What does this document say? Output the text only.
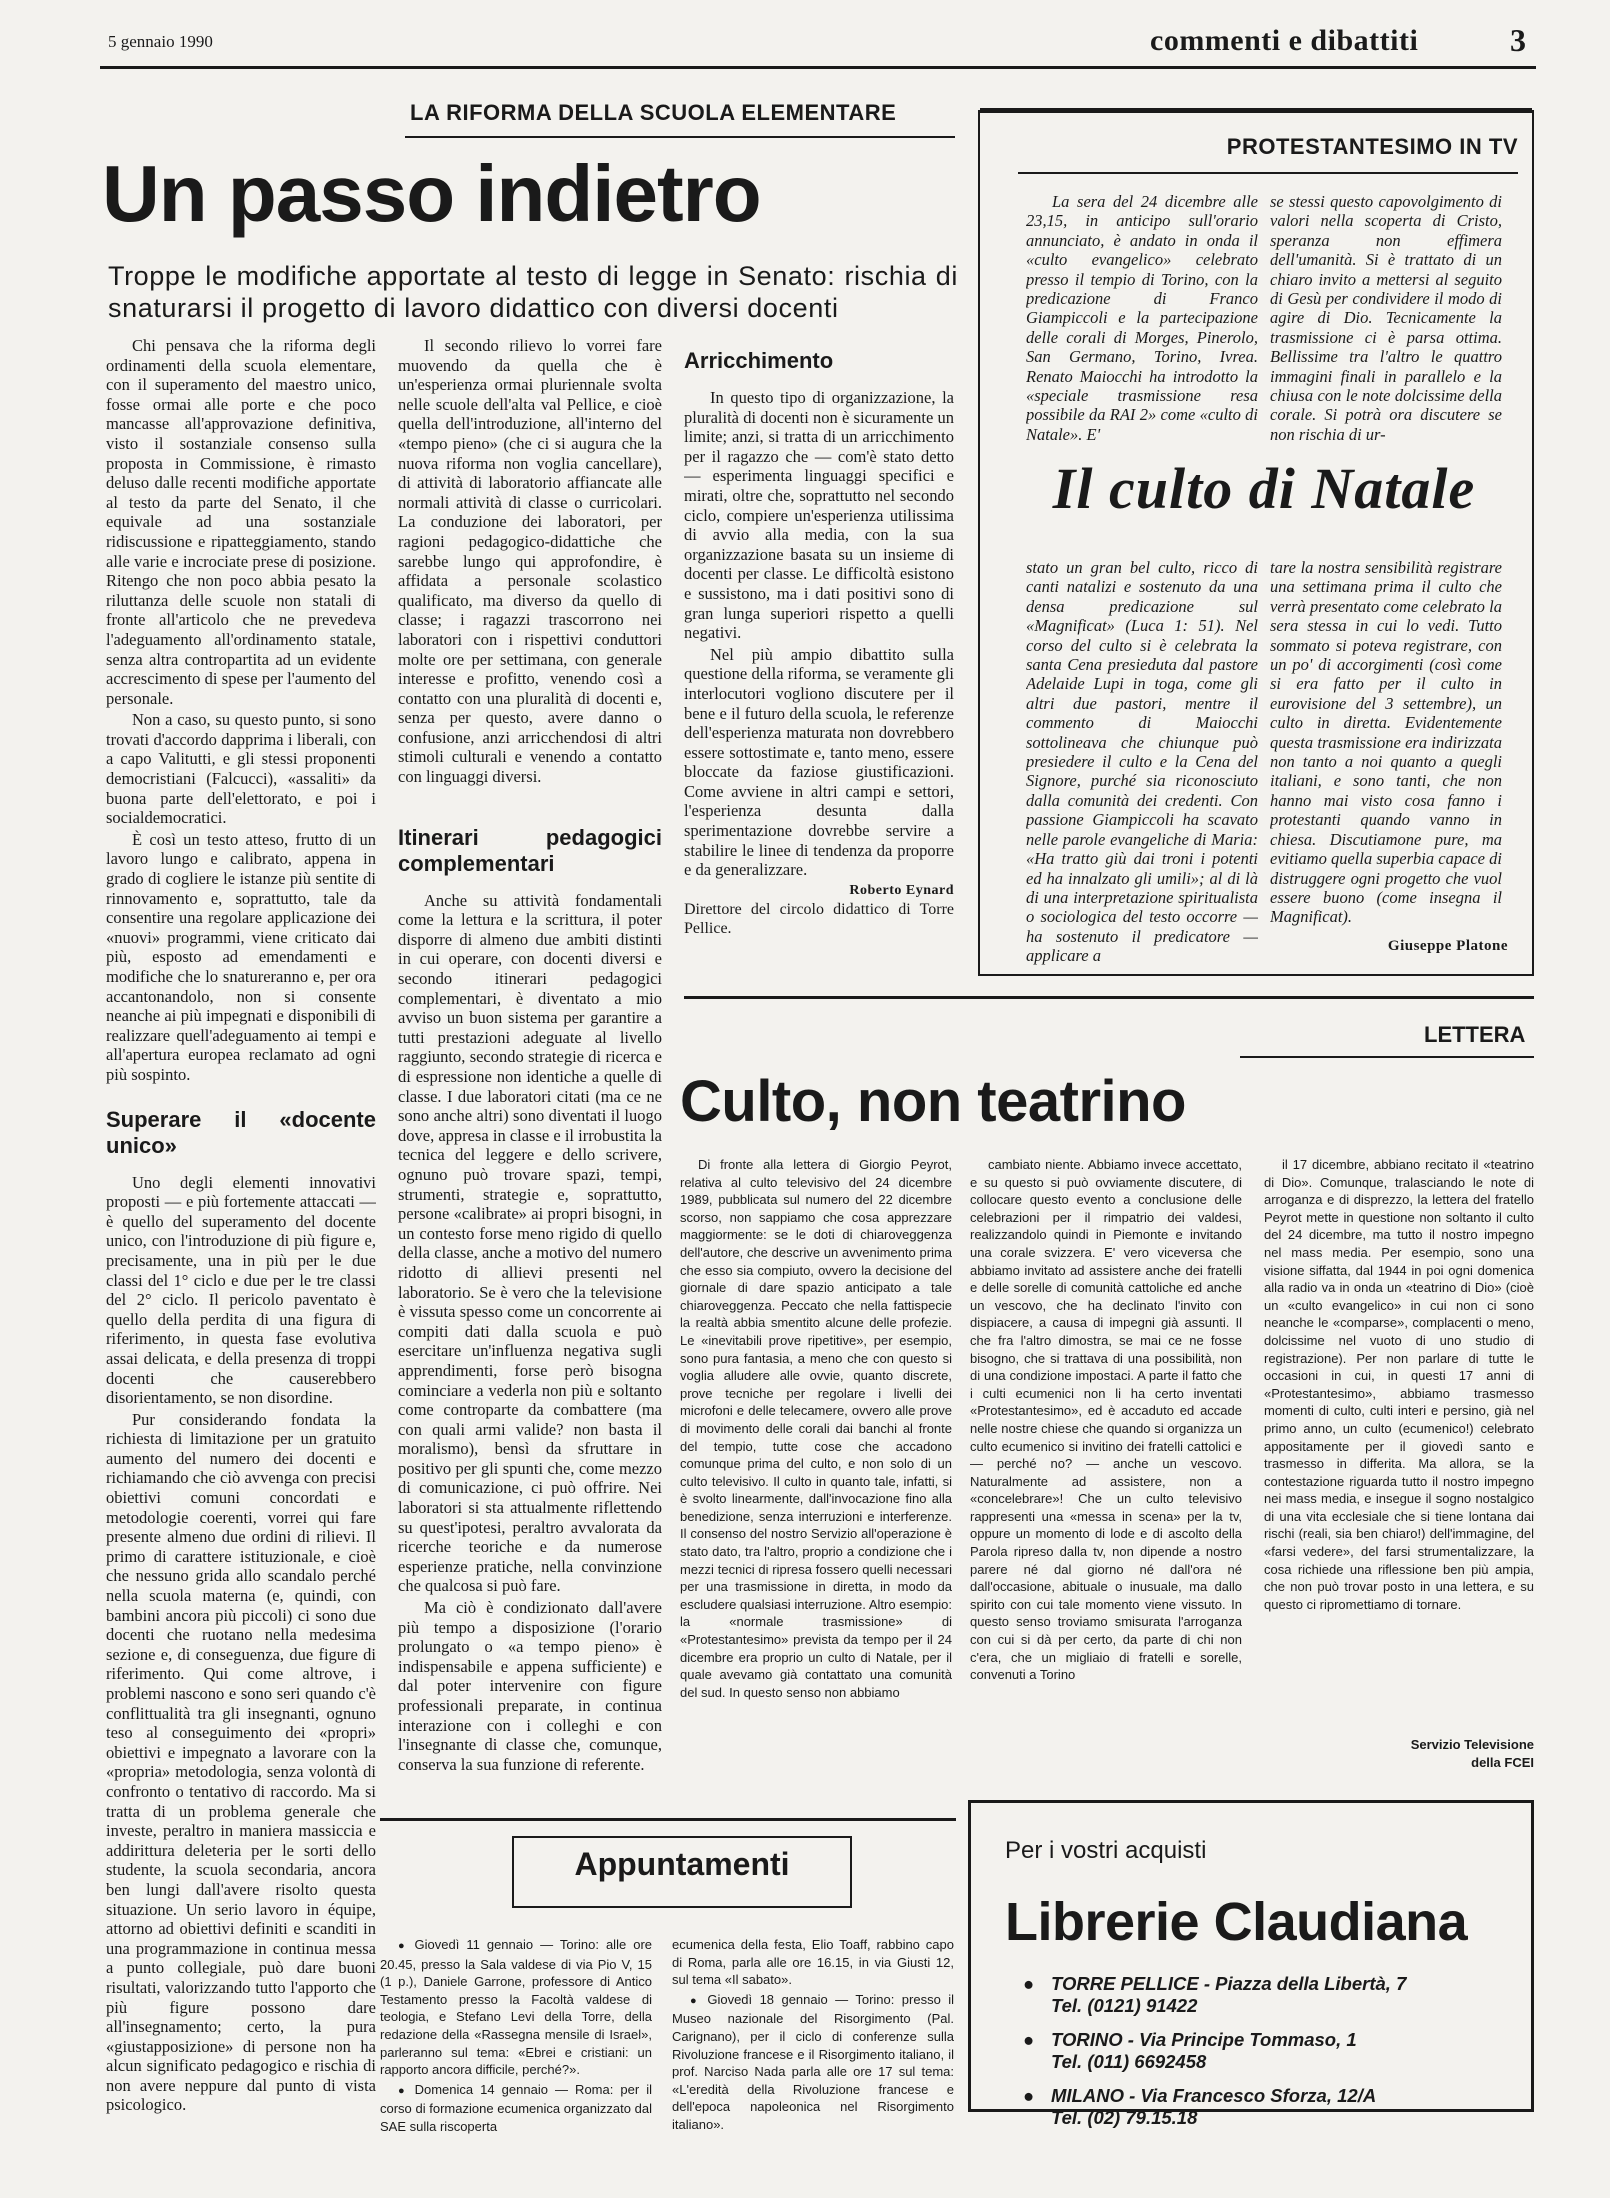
5 gennaio 1990	commenti e dibattiti	3
LA RIFORMA DELLA SCUOLA ELEMENTARE
Un passo indietro
Troppe le modifiche apportate al testo di legge in Senato: rischia di snaturarsi il progetto di lavoro didattico con diversi docenti

Chi pensava che la riforma degli ordinamenti della scuola elementare, con il superamento del maestro unico, fosse ormai alle porte e che poco mancasse all'approvazione definitiva, visto il sostanziale consenso sulla proposta in Commissione, è rimasto deluso dalle recenti modifiche apportate al testo da parte del Senato, il che equivale ad una sostanziale ridiscussione e ripatteggiamento, stando alle varie e incrociate prese di posizione. Ritengo che non poco abbia pesato la riluttanza delle scuole non statali di fronte all'articolo che ne prevedeva l'adeguamento all'ordinamento statale, senza altra contropartita ad un evidente accrescimento di spese per l'aumento del personale.

Non a caso, su questo punto, si sono trovati d'accordo dapprima i liberali, con a capo Valitutti, e gli stessi proponenti democristiani (Falcucci), «assaliti» da buona parte dell'elettorato, e poi i socialdemocratici.

È così un testo atteso, frutto di un lavoro lungo e calibrato, appena in grado di cogliere le istanze più sentite di rinnovamento e, soprattutto, tale da consentire una regolare applicazione dei «nuovi» programmi, viene criticato dai più, esposto ad emendamenti e modifiche che lo snatureranno e, per ora accantonandolo, non si consente neanche ai più impegnati e disponibili di realizzare quell'adeguamento ai tempi e all'apertura europea reclamato ad ogni più sospinto.

Superare il «docente unico»

Uno degli elementi innovativi proposti — e più fortemente attaccati — è quello del superamento del docente unico, con l'introduzione di più figure e, precisamente, una in più per le due classi del 1° ciclo e due per le tre classi del 2° ciclo. Il pericolo paventato è quello della perdita di una figura di riferimento, in questa fase evolutiva assai delicata, e della presenza di troppi docenti che causerebbero disorientamento, se non disordine.

Pur considerando fondata la richiesta di limitazione per un gratuito aumento del numero dei docenti e richiamando che ciò avvenga con precisi obiettivi comuni concordati e metodologie coerenti, vorrei qui fare presente almeno due ordini di rilievi. Il primo di carattere istituzionale, e cioè che nessuno grida allo scandalo perché nella scuola materna (e, quindi, con bambini ancora più piccoli) ci sono due docenti che ruotano nella medesima sezione e, di conseguenza, due figure di riferimento. Qui come altrove, i problemi nascono e sono seri quando c'è conflittualità tra gli insegnanti, ognuno teso al conseguimento dei «propri» obiettivi e impegnato a lavorare con la «propria» metodologia, senza volontà di confronto o tentativo di raccordo. Ma si tratta di un problema generale che investe, peraltro in maniera massiccia e addirittura deleteria per le sorti dello studente, la scuola secondaria, ancora ben lungi dall'avere risolto questa situazione. Un serio lavoro in équipe, attorno ad obiettivi definiti e scanditi in una programmazione in continua messa a punto collegiale, può dare buoni risultati, valorizzando tutto l'apporto che più figure possono dare all'insegnamento; certo, la pura «giustapposizione» di persone non ha alcun significato pedagogico e rischia di non avere neppure dal punto di vista psicologico.

Il secondo rilievo lo vorrei fare muovendo da quella che è un'esperienza ormai pluriennale svolta nelle scuole dell'alta val Pellice, e cioè quella dell'introduzione, all'interno del «tempo pieno» (che ci si augura che la nuova riforma non voglia cancellare), di attività di laboratorio affiancate alle normali attività di classe o curricolari. La conduzione dei laboratori, per ragioni pedagogico-didattiche che sarebbe lungo qui approfondire, è affidata a personale scolastico qualificato, ma diverso da quello di classe; i ragazzi trascorrono nei laboratori con i rispettivi conduttori molte ore per settimana, con generale interesse e profitto, venendo così a contatto con una pluralità di docenti e, senza per questo, avere danno o confusione, anzi arricchendosi di altri stimoli culturali e venendo a contatto con linguaggi diversi.

Itinerari pedagogici complementari

Anche su attività fondamentali come la lettura e la scrittura, il poter disporre di almeno due ambiti distinti in cui operare, con docenti diversi e secondo itinerari pedagogici complementari, è diventato a mio avviso un buon sistema per garantire a tutti prestazioni adeguate al livello raggiunto, secondo strategie di ricerca e di espressione non identiche a quelle di classe. I due laboratori citati (ma ce ne sono anche altri) sono diventati il luogo dove, appresa in classe e il irrobustita la tecnica del leggere e dello scrivere, ognuno può trovare spazi, tempi, strumenti, strategie e, soprattutto, persone «calibrate» ai propri bisogni, in un contesto forse meno rigido di quello della classe, anche a motivo del numero ridotto di allievi presenti nel laboratorio. Se è vero che la televisione è vissuta spesso come un concorrente ai compiti dati dalla scuola e può esercitare un'influenza negativa sugli apprendimenti, forse però bisogna cominciare a vederla non più e soltanto come controparte da combattere (ma con quali armi valide? non basta il moralismo), bensì da sfruttare in positivo per gli spunti che, come mezzo di comunicazione, ci può offrire. Nei laboratori si sta attualmente riflettendo su quest'ipotesi, peraltro avvalorata da ricerche teoriche e da numerose esperienze pratiche, nella convinzione che qualcosa si può fare.

Ma ciò è condizionato dall'avere più tempo a disposizione (l'orario prolungato o «a tempo pieno» è indispensabile e appena sufficiente) e dal poter intervenire con figure professionali preparate, in continua interazione con i colleghi e con l'insegnante di classe che, comunque, conserva la sua funzione di referente.

Arricchimento

In questo tipo di organizzazione, la pluralità di docenti non è sicuramente un limite; anzi, si tratta di un arricchimento per il ragazzo che — com'è stato detto — esperimenta linguaggi specifici e mirati, oltre che, soprattutto nel secondo ciclo, compiere un'esperienza utilissima di avvio alla media, con la sua organizzazione basata su un insieme di docenti per classe. Le difficoltà esistono e sussistono, ma i dati positivi sono di gran lunga superiori rispetto a quelli negativi.

Nel più ampio dibattito sulla questione della riforma, se veramente gli interlocutori vogliono discutere per il bene e il futuro della scuola, le referenze dell'esperienza maturata non dovrebbero essere sottostimate e, tanto meno, essere bloccate da faziose giustificazioni. Come avviene in altri campi e settori, l'esperienza desunta dalla sperimentazione dovrebbe servire a stabilire le linee di tendenza da proporre e da generalizzare.

Roberto Eynard
Direttore del circolo didattico di Torre Pellice.
PROTESTANTESIMO IN TV
La sera del 24 dicembre alle 23,15, in anticipo sull'orario annunciato, è andato in onda il «culto evangelico» celebrato presso il tempio di Torino, con la predicazione di Franco Giampiccoli e la partecipazione delle corali di Morges, Pinerolo, San Germano, Torino, Ivrea. Renato Maiocchi ha introdotto la «speciale trasmissione resa possibile da RAI 2» come «culto di Natale». E'
se stessi questo capovolgimento di valori nella scoperta di Cristo, speranza non effimera dell'umanità. Si è trattato di un chiaro invito a mettersi al seguito di Gesù per condividere il modo di agire di Dio. Tecnicamente la trasmissione ci è parsa ottima. Bellissime tra l'altro le quattro immagini finali in parallelo e la chiusa con le note dolcissime della corale. Si potrà ora discutere se non rischia di ur-
Il culto di Natale
stato un gran bel culto, ricco di canti natalizi e sostenuto da una densa predicazione sul «Magnificat» (Luca 1: 51). Nel corso del culto si è celebrata la santa Cena presieduta dal pastore Adelaide Lupi in toga, come gli altri due pastori, mentre il commento di Maiocchi sottolineava che chiunque può presiedere il culto e la Cena del Signore, purché sia riconosciuto dalla comunità dei credenti. Con passione Giampiccoli ha scavato nelle parole evangeliche di Maria: «Ha tratto giù dai troni i potenti ed ha innalzato gli umili»; al di là di una interpretazione spiritualista o sociologica del testo occorre — ha sostenuto il predicatore — applicare a
tare la nostra sensibilità registrare una settimana prima il culto che verrà presentato come celebrato la sera stessa in cui lo vedi. Tutto sommato si poteva registrare, con un po' di accorgimenti (così come si era fatto per il culto in eurovisione del 3 settembre), un culto in diretta. Evidentemente questa trasmissione era indirizzata non tanto a noi quanto a quegli italiani, e sono tanti, che non hanno mai visto cosa fanno i protestanti quando vanno in chiesa. Discutiamone pure, ma evitiamo quella superbia capace di distruggere ogni progetto che vuol essere buono (come insegna il Magnificat).
Giuseppe Platone
LETTERA
Culto, non teatrino

Di fronte alla lettera di Giorgio Peyrot, relativa al culto televisivo del 24 dicembre 1989, pubblicata sul numero del 22 dicembre scorso, non sappiamo che cosa apprezzare maggiormente: se le doti di chiaroveggenza dell'autore, che descrive un avvenimento prima che esso sia compiuto, ovvero la decisione del giornale di dare spazio anticipato a tale chiaroveggenza. Peccato che nella fattispecie la realtà abbia smentito alcune delle profezie. Le «inevitabili prove ripetitive», per esempio, sono pura fantasia, a meno che con questo si voglia alludere alle ovvie, quanto discrete, prove tecniche per regolare i livelli dei microfoni e delle telecamere, ovvero alle prove di movimento delle corali dai banchi al fronte del tempio, tutte cose che accadono comunque prima del culto, e non solo di un culto televisivo. Il culto in quanto tale, infatti, si è svolto linearmente, dall'invocazione fino alla benedizione, senza interruzioni e interferenze. Il consenso del nostro Servizio all'operazione è stato dato, tra l'altro, proprio a condizione che i mezzi tecnici di ripresa fossero quelli necessari per una trasmissione in diretta, in modo da escludere qualsiasi interruzione. Altro esempio: la «normale trasmissione» di «Protestantesimo» prevista da tempo per il 24 dicembre era proprio un culto di Natale, per il quale avevamo già contattato una comunità del sud. In questo senso non abbiamo

cambiato niente. Abbiamo invece accettato, e su questo si può ovviamente discutere, di collocare questo evento a conclusione delle celebrazioni per il rimpatrio dei valdesi, realizzandolo quindi in Piemonte e invitando una corale svizzera. E' vero viceversa che abbiamo invitato ad assistere anche dei fratelli e delle sorelle di comunità cattoliche ed anche un vescovo, che ha declinato l'invito con dispiacere, a causa di impegni già assunti. Il che fra l'altro dimostra, se mai ce ne fosse bisogno, che si trattava di una possibilità, non di una condizione impostaci. A parte il fatto che i culti ecumenici non li ha certo inventati «Protestantesimo», ed è accaduto ed accade nelle nostre chiese che quando si organizza un culto ecumenico si invitino dei fratelli cattolici e — perché no? — anche un vescovo. Naturalmente ad assistere, non a «concelebrare»! Che un culto televisivo rappresenti una «messa in scena» per la tv, oppure un momento di lode e di ascolto della Parola ripreso dalla tv, non dipende a nostro parere né dal giorno né dall'ora né dall'occasione, abituale o inusuale, ma dallo spirito con cui tale momento viene vissuto. In questo senso troviamo smisurata l'arroganza con cui si dà per certo, da parte di chi non c'era, che un migliaio di fratelli e sorelle, convenuti a Torino

il 17 dicembre, abbiano recitato il «teatrino di Dio». Comunque, tralasciando le note di arroganza e di disprezzo, la lettera del fratello Peyrot mette in questione non soltanto il culto del 24 dicembre, ma tutto il nostro impegno nel mass media. Per esempio, sono una visione siffatta, dal 1944 in poi ogni domenica alla radio va in onda un «teatrino di Dio» (cioè un «culto evangelico» in cui non ci sono neanche le «comparse», complacenti o meno, dolcissime nel vuoto di uno studio di registrazione). Per non parlare di tutte le occasioni in cui, in questi 17 anni di «Protestantesimo», abbiamo trasmesso momenti di culto, culti interi e persino, già nel primo anno, un culto (ecumenico!) celebrato appositamente per il giovedì santo e trasmesso in differita. Ma allora, se la contestazione riguarda tutto il nostro impegno nei mass media, e insegue il sogno nostalgico di una vita ecclesiale che si tiene lontana dai rischi (reali, sia ben chiaro!) dell'immagine, del «farsi vedere», del farsi strumentalizzare, la cosa richiede una riflessione ben più ampia, che non può trovar posto in una lettera, e su questo ci ripromettiamo di tornare.

Servizio Televisione
della FCEI
Appuntamenti

● Giovedì 11 gennaio — Torino: alle ore 20.45, presso la Sala valdese di via Pio V, 15 (1 p.), Daniele Garrone, professore di Antico Testamento presso la Facoltà valdese di teologia, e Stefano Levi della Torre, della redazione della «Rassegna mensile di Israel», parleranno sul tema: «Ebrei e cristiani: un rapporto ancora difficile, perché?».

● Domenica 14 gennaio — Roma: per il corso di formazione ecumenica organizzato dal SAE sulla riscoperta

ecumenica della festa, Elio Toaff, rabbino capo di Roma, parla alle ore 16.15, in via Giusti 12, sul tema «Il sabato».

● Giovedì 18 gennaio — Torino: presso il Museo nazionale del Risorgimento (Pal. Carignano), per il ciclo di conferenze sulla Rivoluzione francese e il Risorgimento italiano, il prof. Narciso Nada parla alle ore 17 sul tema: «L'eredità della Rivoluzione francese e dell'epoca napoleonica nel Risorgimento italiano».

Per i vostri acquisti
Librerie Claudiana
● TORRE PELLICE - Piazza della Libertà, 7
Tel. (0121) 91422
● TORINO - Via Principe Tommaso, 1
Tel. (011) 6692458
● MILANO - Via Francesco Sforza, 12/A
Tel. (02) 79.15.18
